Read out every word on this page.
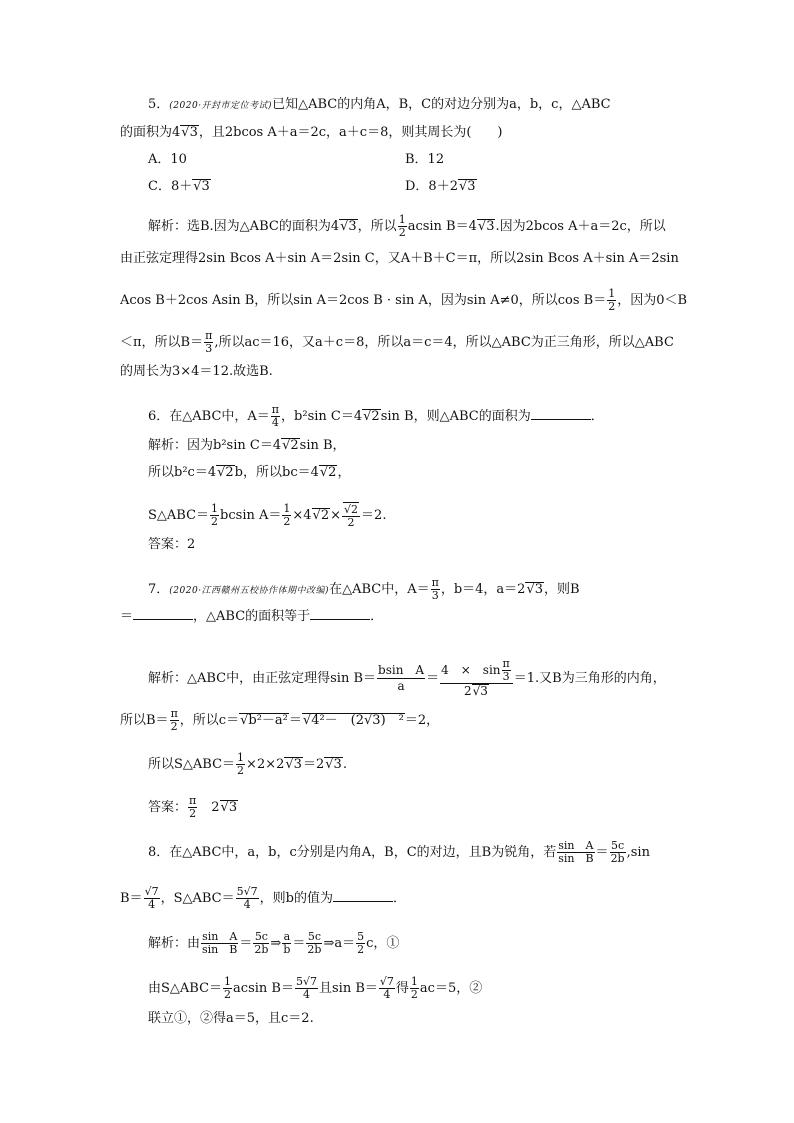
5．(2020·开封市定位考试)已知△ABC的内角A，B，C的对边分别为a，b，c，△ABC
的面积为4√ 3，且2bcos A＋a＝2c，a＋c＝8，则其周长为(　　)
A．10	B．12
C．8＋√ 3	D．8＋2√ 3
解析：选B.因为△ABC的面积为4√ 3，所以 $\frac{1}{2}$ acsin B＝4√ 3.因为2bcos A＋a＝2c，所以
由正弦定理得2sin Bcos A＋sin A＝2sin C，又A＋B＋C＝π，所以2sin Bcos A＋sin A＝2sin
Acos B＋2cos Asin B，所以sin A＝2cos B · sin A，因为sin A≠0，所以$\cos B= \frac{1}{2}$ ，因为0＜B
＜π，所以$B= \frac{\pi}{3}$ ,所以ac＝16，又a＋c＝8，所以a＝c＝4，所以△ABC为正三角形，所以△ABC
的周长为3×4＝12.故选B.
6．在△ABC中，$A= \frac{\pi}{4}$ ，b²sin C＝4√ 2sin B，则△ABC的面积为	．
解析：因为b²sin C＝4√ 2sin B，
所以b²c＝4√ 2b，所以bc＝4√ 2，
S△ABC＝ $\frac{1}{2}$ bcsin $A= \frac{1}{2} \times 4√$ 2×
√ $\frac{2}{2} =2$.
答案：2
7．(2020·江西赣州五校协作体期中改编)在△ABC中，$A= \frac{\pi}{3}$ ，b＝4，a＝2√ 3，则B
＝	，△ABC的面积等于	．
解析：△ABC中，由正弦定理得$\sin B= \frac{\text{bsin　A}}{a} = \frac{4 \times \sin \frac{\pi}{3}}{2√ 3} =1$.又B为三角形的内角，
所以$B= \frac{\pi}{2}$ ，所以c＝√ b²－a²＝√ 4²－　(2√3)　²＝2，
所以S△ABC＝ $\frac{1}{2} \times 2\times 2√$ 3＝2√ 3.
答案： $\frac{\pi}{2}$ 　2√ 3
8．在△ABC中，a，b，c分别是内角A，B，C的对边，且B为锐角，若 $\frac{\text{sin　A}}{\text{sin　B}} = \frac{5c}{2b} ,\sin$
$B= \frac{√7}{4}$ ，S△ABC＝ $\frac{5√7}{4}$ ，则b的值为	．
解析：由 $\frac{\text{sin　A}}{\text{sin　B}} = \frac{5c}{2b}$ ⇒ $\frac{a}{b} = \frac{5c}{2b}$ ⇒a＝ $\frac{5}{2}$ c，①
由S△ABC＝ $\frac{1}{2}$ acsin $B= \frac{5√7}{4}$ 且$\sin B= \frac{√7}{4}$ 得 $\frac{1}{2} ac=5$，②
联立①，②得a＝5，且c＝2.
